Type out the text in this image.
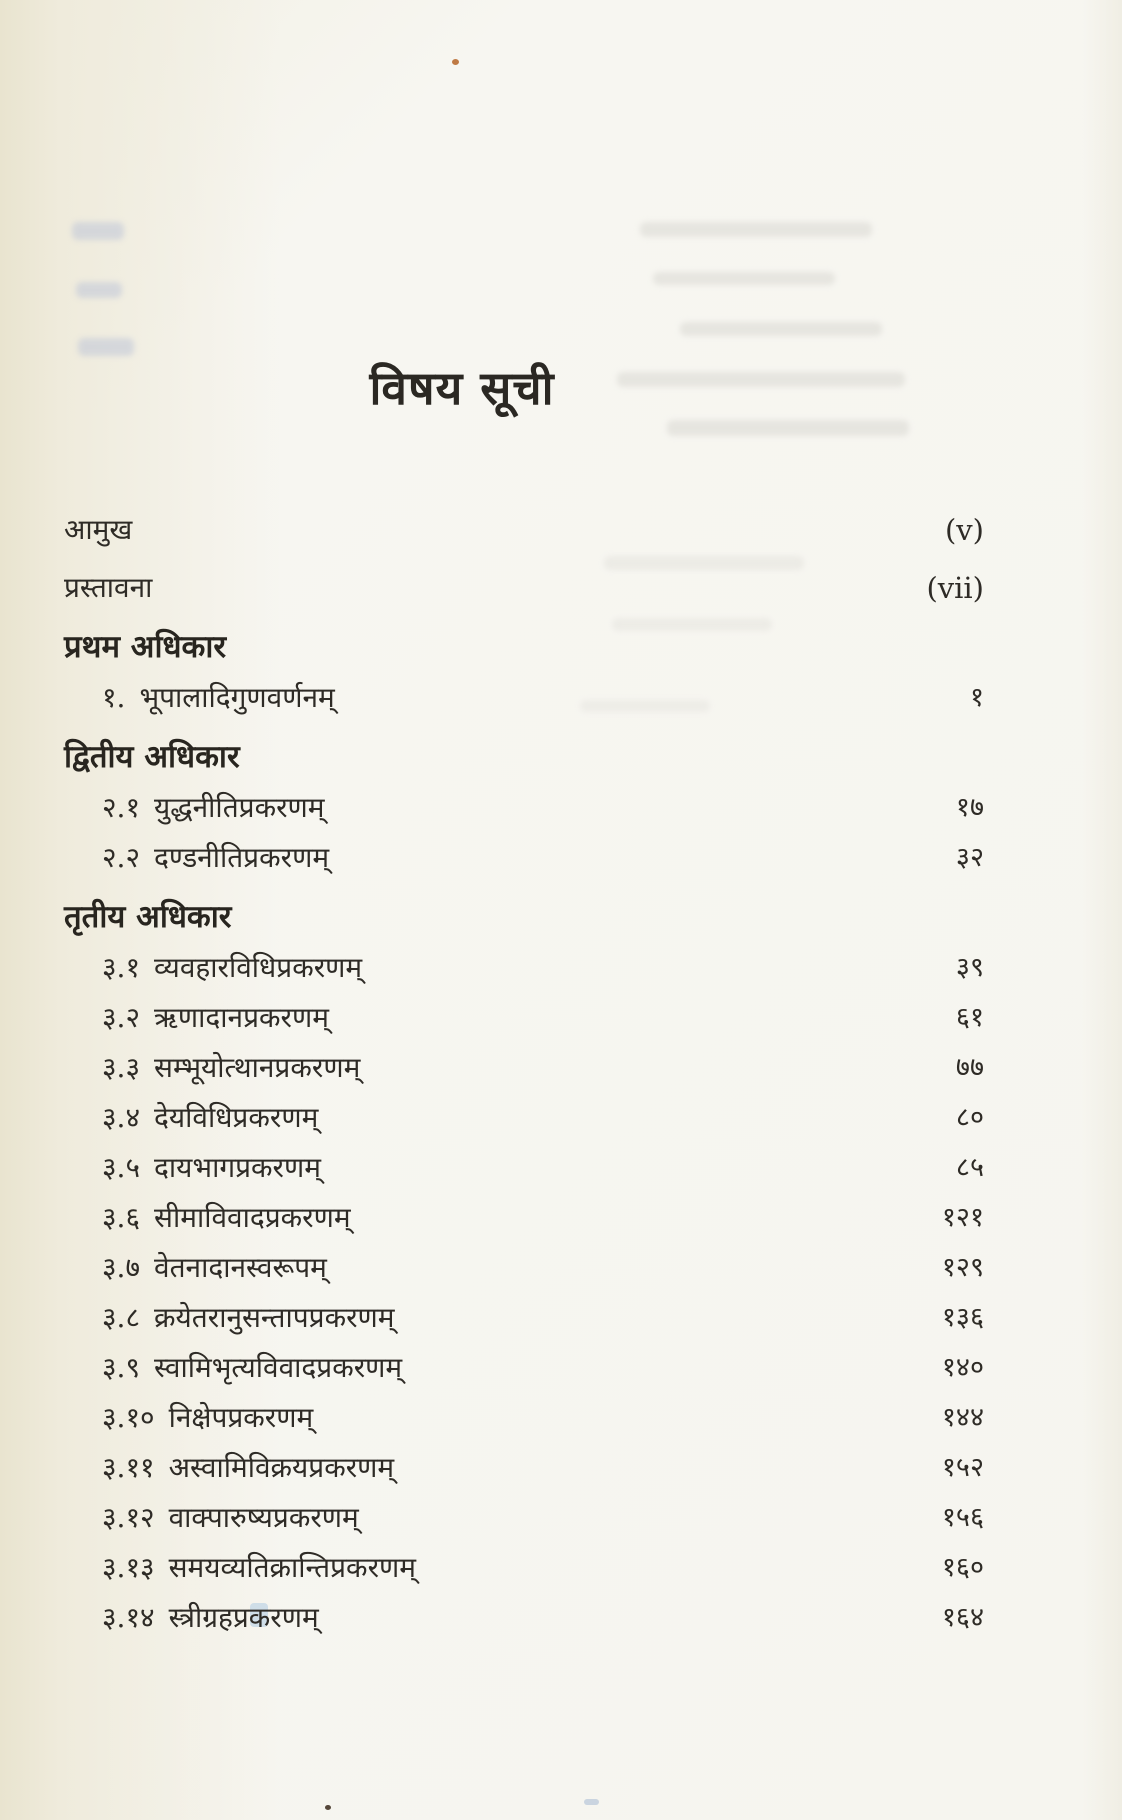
विषय सूची
आमुख	(v)
प्रस्तावना	(vii)
प्रथम अधिकार
१. भूपालादिगुणवर्णनम्	१
द्वितीय अधिकार
२.१ युद्धनीतिप्रकरणम्	१७
२.२ दण्डनीतिप्रकरणम्	३२
तृतीय अधिकार
३.१ व्यवहारविधिप्रकरणम्	३९
३.२ ऋणादानप्रकरणम्	६१
३.३ सम्भूयोत्थानप्रकरणम्	७७
३.४ देयविधिप्रकरणम्	८०
३.५ दायभागप्रकरणम्	८५
३.६ सीमाविवादप्रकरणम्	१२१
३.७ वेतनादानस्वरूपम्	१२९
३.८ क्रयेतरानुसन्तापप्रकरणम्	१३६
३.९ स्वामिभृत्यविवादप्रकरणम्	१४०
३.१० निक्षेपप्रकरणम्	१४४
३.११ अस्वामिविक्रयप्रकरणम्	१५२
३.१२ वाक्पारुष्यप्रकरणम्	१५६
३.१३ समयव्यतिक्रान्तिप्रकरणम्	१६०
३.१४ स्त्रीग्रहप्रकरणम्	१६४
